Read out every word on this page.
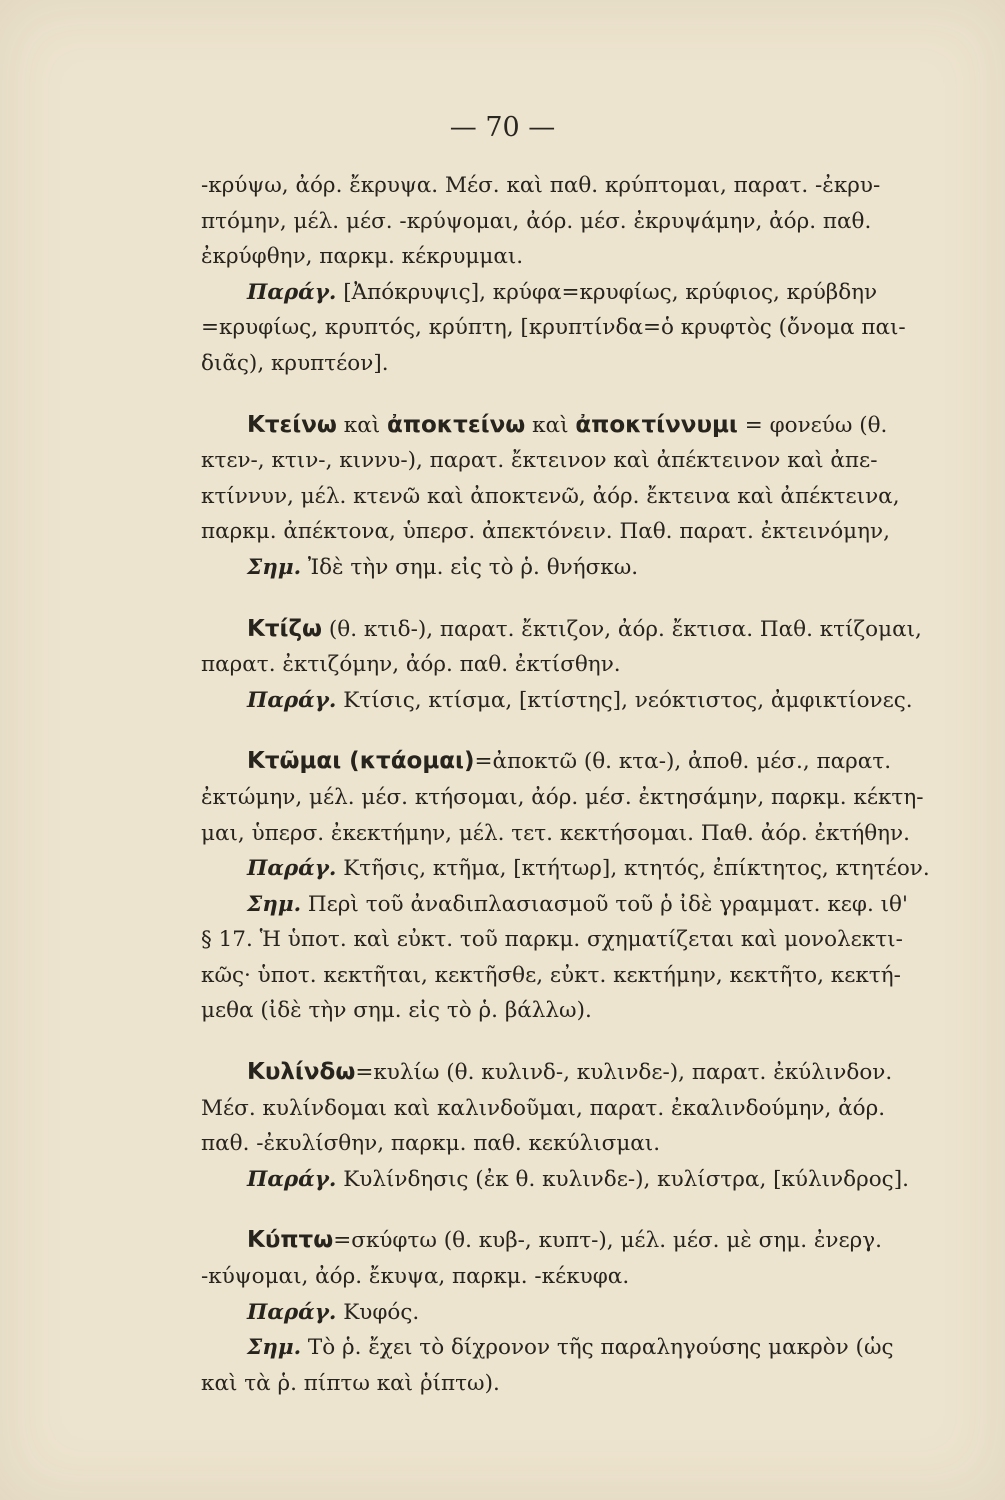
— 70 —
-κρύψω, ἀόρ. ἔκρυψα. Μέσ. καὶ παθ. κρύπτομαι, παρατ. -ἐκρυ-
πτόμην, μέλ. μέσ. -κρύψομαι, ἀόρ. μέσ. ἐκρυψάμην, ἀόρ. παθ.
ἐκρύφθην, παρκμ. κέκρυμμαι.
Παράγ. [Ἀπόκρυψις], κρύφα=κρυφίως, κρύφιος, κρύβδην
=κρυφίως, κρυπτός, κρύπτη, [κρυπτίνδα=ὁ κρυφτὸς (ὄνομα παι-
διᾶς), κρυπτέον].
Κτείνω καὶ ἀποκτείνω καὶ ἀποκτίννυμι = φονεύω (θ.
κτεν-, κτιν-, κιννυ-), παρατ. ἔκτεινον καὶ ἀπέκτεινον καὶ ἀπε-
κτίννυν, μέλ. κτενῶ καὶ ἀποκτενῶ, ἀόρ. ἔκτεινα καὶ ἀπέκτεινα,
παρκμ. ἀπέκτονα, ὑπερσ. ἀπεκτόνειν. Παθ. παρατ. ἐκτεινόμην,
Σημ. Ἰδὲ τὴν σημ. εἰς τὸ ῥ. θνήσκω.
Κτίζω (θ. κτιδ-), παρατ. ἔκτιζον, ἀόρ. ἔκτισα. Παθ. κτίζομαι,
παρατ. ἐκτιζόμην, ἀόρ. παθ. ἐκτίσθην.
Παράγ. Κτίσις, κτίσμα, [κτίστης], νεόκτιστος, ἀμφικτίονες.
Κτῶμαι (κτάομαι)=ἀποκτῶ (θ. κτα-), ἀποθ. μέσ., παρατ.
ἐκτώμην, μέλ. μέσ. κτήσομαι, ἀόρ. μέσ. ἐκτησάμην, παρκμ. κέκτη-
μαι, ὑπερσ. ἐκεκτήμην, μέλ. τετ. κεκτήσομαι. Παθ. ἀόρ. ἐκτήθην.
Παράγ. Κτῆσις, κτῆμα, [κτήτωρ], κτητός, ἐπίκτητος, κτητέον.
Σημ. Περὶ τοῦ ἀναδιπλασιασμοῦ τοῦ ῥ ἰδὲ γραμματ. κεφ. ιθ'
§ 17. Ἡ ὑποτ. καὶ εὐκτ. τοῦ παρκμ. σχηματίζεται καὶ μονολεκτι-
κῶς· ὑποτ. κεκτῆται, κεκτῆσθε, εὐκτ. κεκτήμην, κεκτῆτο, κεκτή-
μεθα (ἰδὲ τὴν σημ. εἰς τὸ ῥ. βάλλω).
Κυλίνδω=κυλίω (θ. κυλινδ-, κυλινδε-), παρατ. ἐκύλινδον.
Μέσ. κυλίνδομαι καὶ καλινδοῦμαι, παρατ. ἐκαλινδούμην, ἀόρ.
παθ. -ἐκυλίσθην, παρκμ. παθ. κεκύλισμαι.
Παράγ. Κυλίνδησις (ἐκ θ. κυλινδε-), κυλίστρα, [κύλινδρος].
Κύπτω=σκύφτω (θ. κυβ-, κυπτ-), μέλ. μέσ. μὲ σημ. ἐνεργ.
-κύψομαι, ἀόρ. ἔκυψα, παρκμ. -κέκυφα.
Παράγ. Κυφός.
Σημ. Τὸ ῥ. ἔχει τὸ δίχρονον τῆς παραληγούσης μακρὸν (ὡς
καὶ τὰ ῥ. πίπτω καὶ ῥίπτω).
